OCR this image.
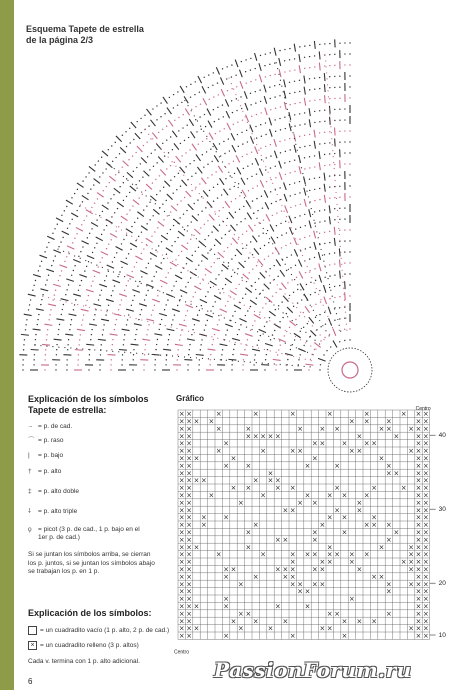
Esquema Tapete de estrella
de la página 2/3
Explicación de los símbolos
Tapete de estrella:
·- = p. de cad.
⌒ = p. raso
| = p. bajo
† = p. alto
‡ = p. alto doble
⸸ = p. alto triple
ϙ = picot (3 p. de cad., 1 p. bajo en el
1er p. de cad.)
Si se juntan los símbolos arriba, se cierran los p. juntos, si se juntan los símbolos abajo se trabajan los p. en 1 p.
Explicación de los símbolos:
= un cuadradito vacío (1 p. alto, 2 p. de cad.)
× = un cuadradito relleno (3 p. altos)
Cada v. termina con 1 p. alto adicional.
6
Gráfico
× ×	×	×	×	×	×	× × ×
× × × ×	× × ×	× ×
× ×	×	×	× × ×	× × × × ×
× ×	× × × × ×	×	× × ×
× ×	×	× × × × ×	× ×
× ×	×	×	× ×	× ×	× × ×
× × ×	×	×	×	× ×
× ×	× ×	×	×	×	× ×
× ×	×	× × × ×
× × × ×	× × ×	× ×
× ×	× ×	× ×	×	×	× × ×
× × ×	×	× × × ×	× ×
× ×	×	× ×	×	× ×
× ×	× ×	× ×	× ×
× × × ×	× ×	×	× ×
× × ×	×	×	× × ×	× ×
× ×	×	×	×	× × ×
× ×	× ×	×	×	× ×
× × ×	×	×	×	× × ×
× ×	×	×	× × × × × × ×	× × ×
× ×	×	× × ×	× × × ×
× ×	× ×	× × × × ×	×	× × ×
× ×	×	×	× ×	× ×	× ×
× ×	×	× × × ×	× × × ×
× ×	× ×	×	× ×
× ×	×	×	× ×
× × ×	×	×	×	× ×
× ×	× ×	× ×	×	× ×
× ×	× ×	×	× × ×	× ×
× × ×	×	×	× ×	× × ×
× ×	×	×	×	× ×
40
30
20
10
Centro
Centro
PassionForum.ru
